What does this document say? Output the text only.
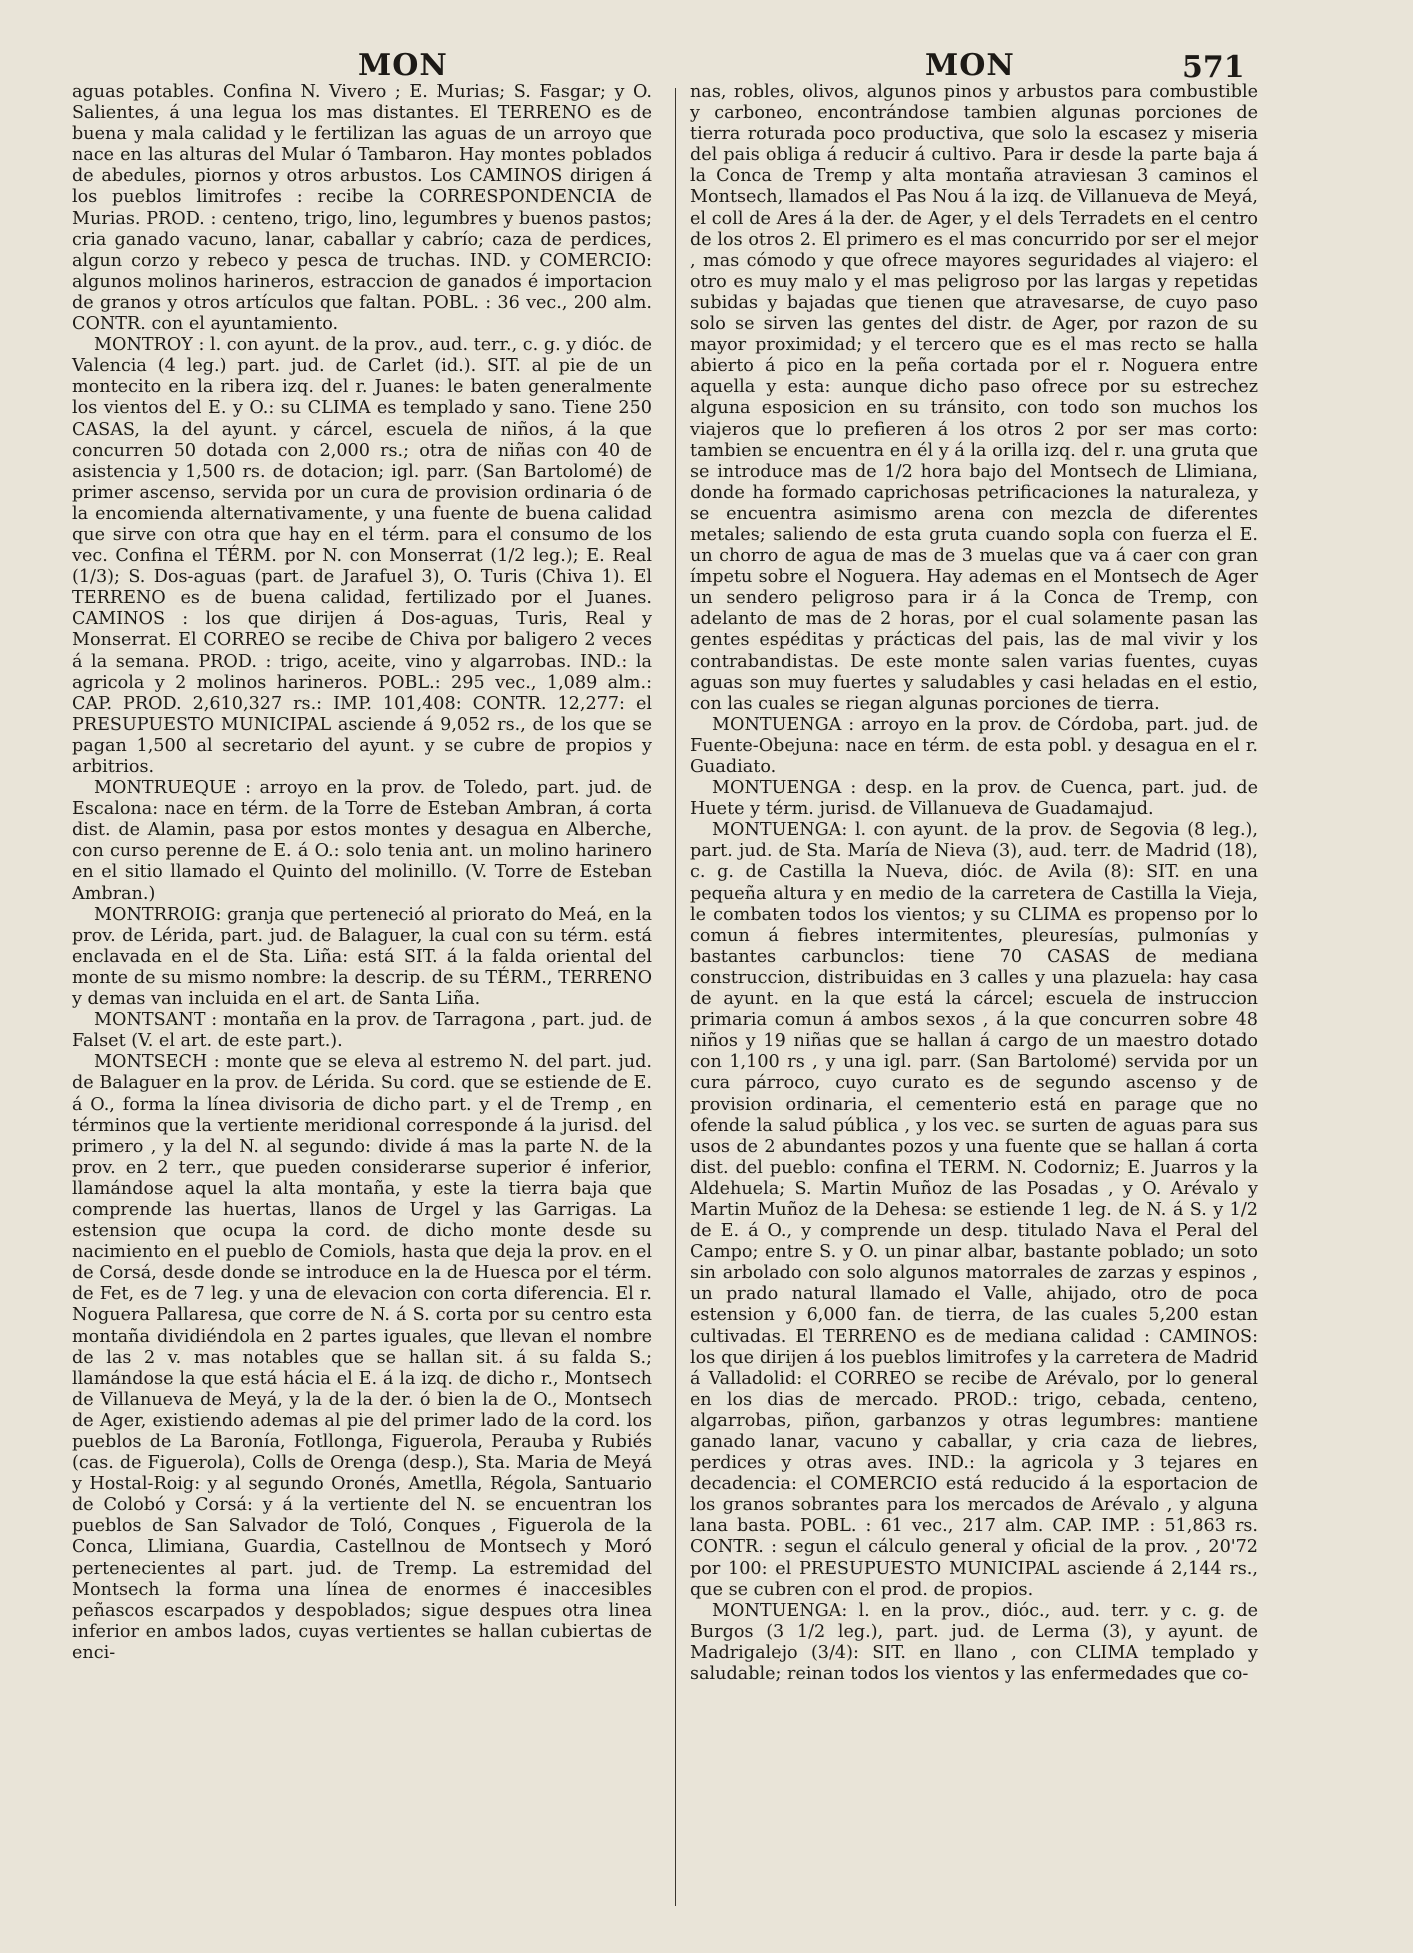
MON	MON	571

aguas potables. Confina N. Vivero ; E. Murias; S. Fasgar; y O. Salientes, á una legua los mas distantes. El TERRENO es de buena y mala calidad y le fertilizan las aguas de un arroyo que nace en las alturas del Mular ó Tambaron. Hay montes poblados de abedules, piornos y otros arbustos. Los CAMINOS dirigen á los pueblos limitrofes : recibe la CORRESPONDENCIA de Murias. PROD. : centeno, trigo, lino, legumbres y buenos pastos; cria ganado vacuno, lanar, caballar y cabrío; caza de perdices, algun corzo y rebeco y pesca de truchas. IND. y COMERCIO: algunos molinos harineros, estraccion de ganados é importacion de granos y otros artículos que faltan. POBL. : 36 vec., 200 alm. CONTR. con el ayuntamiento.

MONTROY : l. con ayunt. de la prov., aud. terr., c. g. y dióc. de Valencia (4 leg.) part. jud. de Carlet (id.). SIT. al pie de un montecito en la ribera izq. del r. Juanes: le baten generalmente los vientos del E. y O.: su CLIMA es templado y sano. Tiene 250 CASAS, la del ayunt. y cárcel, escuela de niños, á la que concurren 50 dotada con 2,000 rs.; otra de niñas con 40 de asistencia y 1,500 rs. de dotacion; igl. parr. (San Bartolomé) de primer ascenso, servida por un cura de provision ordinaria ó de la encomienda alternativamente, y una fuente de buena calidad que sirve con otra que hay en el térm. para el consumo de los vec. Confina el TÉRM. por N. con Monserrat (1/2 leg.); E. Real (1/3); S. Dos-aguas (part. de Jarafuel 3), O. Turis (Chiva 1). El TERRENO es de buena calidad, fertilizado por el Juanes. CAMINOS : los que dirijen á Dos-aguas, Turis, Real y Monserrat. El CORREO se recibe de Chiva por baligero 2 veces á la semana. PROD. : trigo, aceite, vino y algarrobas. IND.: la agricola y 2 molinos harineros. POBL.: 295 vec., 1,089 alm.: CAP. PROD. 2,610,327 rs.: IMP. 101,408: CONTR. 12,277: el PRESUPUESTO MUNICIPAL asciende á 9,052 rs., de los que se pagan 1,500 al secretario del ayunt. y se cubre de propios y arbitrios.

MONTRUEQUE : arroyo en la prov. de Toledo, part. jud. de Escalona: nace en térm. de la Torre de Esteban Ambran, á corta dist. de Alamin, pasa por estos montes y desagua en Alberche, con curso perenne de E. á O.: solo tenia ant. un molino harinero en el sitio llamado el Quinto del molinillo. (V. Torre de Esteban Ambran.)

MONTRROIG: granja que perteneció al priorato do Meá, en la prov. de Lérida, part. jud. de Balaguer, la cual con su térm. está enclavada en el de Sta. Liña: está SIT. á la falda oriental del monte de su mismo nombre: la descrip. de su TÉRM., TERRENO y demas van incluida en el art. de Santa Liña.

MONTSANT : montaña en la prov. de Tarragona , part. jud. de Falset (V. el art. de este part.).

MONTSECH : monte que se eleva al estremo N. del part. jud. de Balaguer en la prov. de Lérida. Su cord. que se estiende de E. á O., forma la línea divisoria de dicho part. y el de Tremp , en términos que la vertiente meridional corresponde á la jurisd. del primero , y la del N. al segundo: divide á mas la parte N. de la prov. en 2 terr., que pueden considerarse superior é inferior, llamándose aquel la alta montaña, y este la tierra baja que comprende las huertas, llanos de Urgel y las Garrigas. La estension que ocupa la cord. de dicho monte desde su nacimiento en el pueblo de Comiols, hasta que deja la prov. en el de Corsá, desde donde se introduce en la de Huesca por el térm. de Fet, es de 7 leg. y una de elevacion con corta diferencia. El r. Noguera Pallaresa, que corre de N. á S. corta por su centro esta montaña dividiéndola en 2 partes iguales, que llevan el nombre de las 2 v. mas notables que se hallan sit. á su falda S.; llamándose la que está hácia el E. á la izq. de dicho r., Montsech de Villanueva de Meyá, y la de la der. ó bien la de O., Montsech de Ager, existiendo ademas al pie del primer lado de la cord. los pueblos de La Baronía, Fotllonga, Figuerola, Perauba y Rubiés (cas. de Figuerola), Colls de Orenga (desp.), Sta. Maria de Meyá y Hostal-Roig: y al segundo Oronés, Ametlla, Régola, Santuario de Colobó y Corsá: y á la vertiente del N. se encuentran los pueblos de San Salvador de Toló, Conques , Figuerola de la Conca, Llimiana, Guardia, Castellnou de Montsech y Moró pertenecientes al part. jud. de Tremp. La estremidad del Montsech la forma una línea de enormes é inaccesibles peñascos escarpados y despoblados; sigue despues otra linea inferior en ambos lados, cuyas vertientes se hallan cubiertas de enci-

nas, robles, olivos, algunos pinos y arbustos para combustible y carboneo, encontrándose tambien algunas porciones de tierra roturada poco productiva, que solo la escasez y miseria del pais obliga á reducir á cultivo. Para ir desde la parte baja á la Conca de Tremp y alta montaña atraviesan 3 caminos el Montsech, llamados el Pas Nou á la izq. de Villanueva de Meyá, el coll de Ares á la der. de Ager, y el dels Terradets en el centro de los otros 2. El primero es el mas concurrido por ser el mejor , mas cómodo y que ofrece mayores seguridades al viajero: el otro es muy malo y el mas peligroso por las largas y repetidas subidas y bajadas que tienen que atravesarse, de cuyo paso solo se sirven las gentes del distr. de Ager, por razon de su mayor proximidad; y el tercero que es el mas recto se halla abierto á pico en la peña cortada por el r. Noguera entre aquella y esta: aunque dicho paso ofrece por su estrechez alguna esposicion en su tránsito, con todo son muchos los viajeros que lo prefieren á los otros 2 por ser mas corto: tambien se encuentra en él y á la orilla izq. del r. una gruta que se introduce mas de 1/2 hora bajo del Montsech de Llimiana, donde ha formado caprichosas petrificaciones la naturaleza, y se encuentra asimismo arena con mezcla de diferentes metales; saliendo de esta gruta cuando sopla con fuerza el E. un chorro de agua de mas de 3 muelas que va á caer con gran ímpetu sobre el Noguera. Hay ademas en el Montsech de Ager un sendero peligroso para ir á la Conca de Tremp, con adelanto de mas de 2 horas, por el cual solamente pasan las gentes espéditas y prácticas del pais, las de mal vivir y los contrabandistas. De este monte salen varias fuentes, cuyas aguas son muy fuertes y saludables y casi heladas en el estio, con las cuales se riegan algunas porciones de tierra.

MONTUENGA : arroyo en la prov. de Córdoba, part. jud. de Fuente-Obejuna: nace en térm. de esta pobl. y desagua en el r. Guadiato.

MONTUENGA : desp. en la prov. de Cuenca, part. jud. de Huete y térm. jurisd. de Villanueva de Guadamajud.

MONTUENGA: l. con ayunt. de la prov. de Segovia (8 leg.), part. jud. de Sta. María de Nieva (3), aud. terr. de Madrid (18), c. g. de Castilla la Nueva, dióc. de Avila (8): SIT. en una pequeña altura y en medio de la carretera de Castilla la Vieja, le combaten todos los vientos; y su CLIMA es propenso por lo comun á fiebres intermitentes, pleuresías, pulmonías y bastantes carbunclos: tiene 70 CASAS de mediana construccion, distribuidas en 3 calles y una plazuela: hay casa de ayunt. en la que está la cárcel; escuela de instruccion primaria comun á ambos sexos , á la que concurren sobre 48 niños y 19 niñas que se hallan á cargo de un maestro dotado con 1,100 rs , y una igl. parr. (San Bartolomé) servida por un cura párroco, cuyo curato es de segundo ascenso y de provision ordinaria, el cementerio está en parage que no ofende la salud pública , y los vec. se surten de aguas para sus usos de 2 abundantes pozos y una fuente que se hallan á corta dist. del pueblo: confina el TERM. N. Codorniz; E. Juarros y la Aldehuela; S. Martin Muñoz de las Posadas , y O. Arévalo y Martin Muñoz de la Dehesa: se estiende 1 leg. de N. á S. y 1/2 de E. á O., y comprende un desp. titulado Nava el Peral del Campo; entre S. y O. un pinar albar, bastante poblado; un soto sin arbolado con solo algunos matorrales de zarzas y espinos , un prado natural llamado el Valle, ahijado, otro de poca estension y 6,000 fan. de tierra, de las cuales 5,200 estan cultivadas. El TERRENO es de mediana calidad : CAMINOS: los que dirijen á los pueblos limitrofes y la carretera de Madrid á Valladolid: el CORREO se recibe de Arévalo, por lo general en los dias de mercado. PROD.: trigo, cebada, centeno, algarrobas, piñon, garbanzos y otras legumbres: mantiene ganado lanar, vacuno y caballar, y cria caza de liebres, perdices y otras aves. IND.: la agricola y 3 tejares en decadencia: el COMERCIO está reducido á la esportacion de los granos sobrantes para los mercados de Arévalo , y alguna lana basta. POBL. : 61 vec., 217 alm. CAP. IMP. : 51,863 rs. CONTR. : segun el cálculo general y oficial de la prov. , 20'72 por 100: el PRESUPUESTO MUNICIPAL asciende á 2,144 rs., que se cubren con el prod. de propios.

MONTUENGA: l. en la prov., dióc., aud. terr. y c. g. de Burgos (3 1/2 leg.), part. jud. de Lerma (3), y ayunt. de Madrigalejo (3/4): SIT. en llano , con CLIMA templado y saludable; reinan todos los vientos y las enfermedades que co-
